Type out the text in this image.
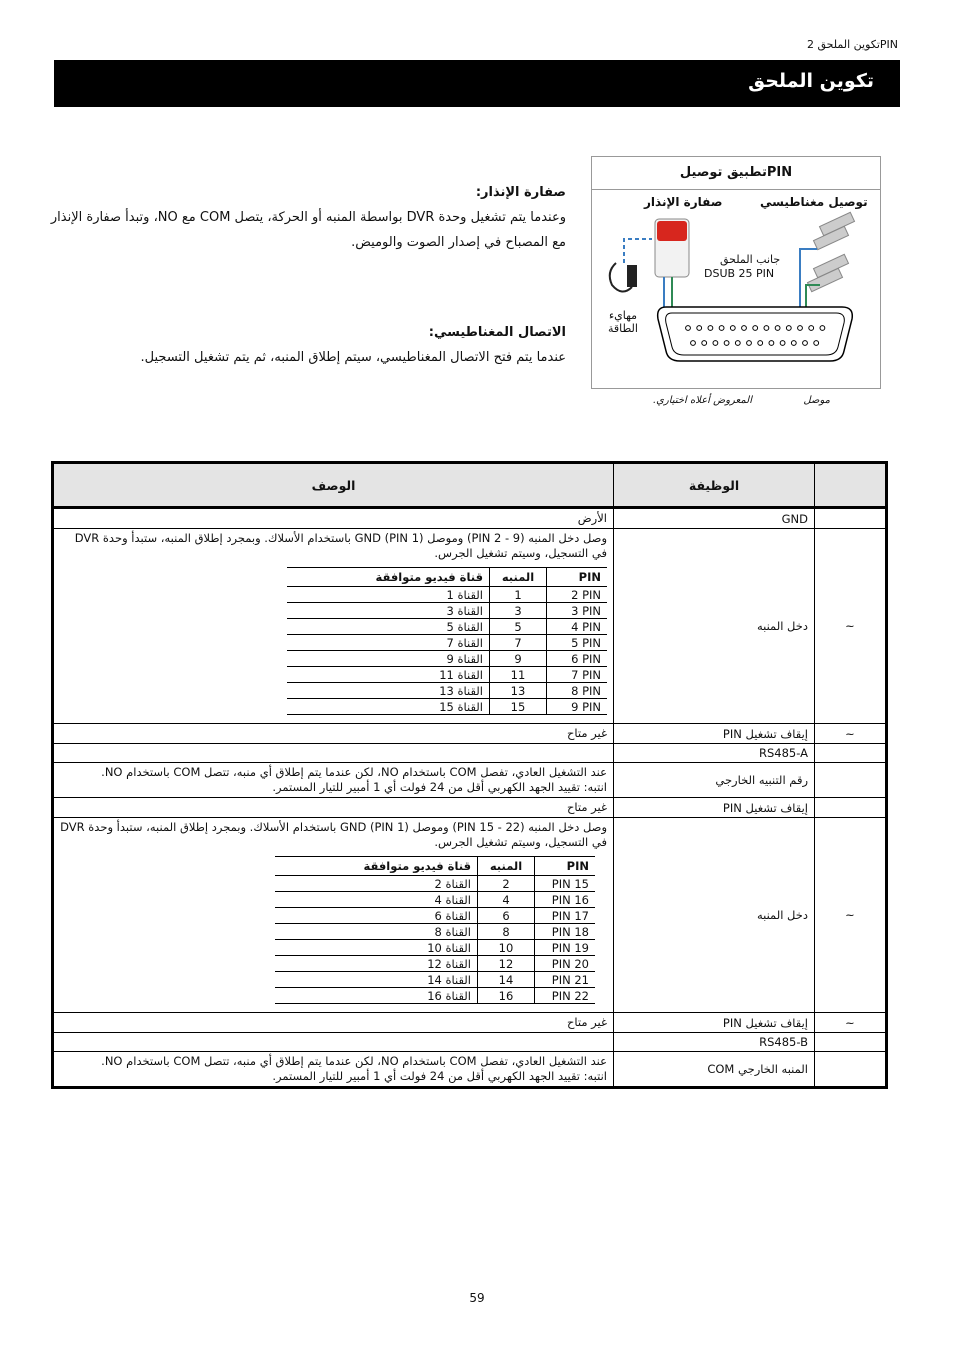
2 تكوين الملحقPIN
تكوين الملحق
صفارة الإنذار:
وعندما يتم تشغيل وحدة DVR بواسطة المنبه أو الحركة، يتصل COM مع NO، وتبدأ صفارة الإنذار
مع المصباح في إصدار الصوت والوميض.
الاتصال المغناطيسي:
عندما يتم فتح الاتصال المغناطيسي، سيتم إطلاق المنبه، ثم يتم تشغيل التسجيل.
تطبيق توصيلPIN
صفارة الإنذار	توصيل مغناطيسي
جانب الملحق
DSUB 25 PIN
مهايء الطاقة
موصل
المعروض أعلاه اختياري.
الوصف	الوظيفة	

الأرض	GND	

وصل دخل المنبه (PIN 2 - 9) وموصل GND (PIN 1) باستخدام الأسلاك. وبمجرد إطلاق المنبه، ستبدأ وحدة DVR في التسجيل، وسيتم تشغيل الجرس.
PIN	المنبه	قناة فيديو متوافقة
2 PIN	1	القناة 1
3 PIN	3	القناة 3
4 PIN	5	القناة 5
5 PIN	7	القناة 7
6 PIN	9	القناة 9
7 PIN	11	القناة 11
8 PIN	13	القناة 13
9 PIN	15	القناة 15
	دخل المنبه	~

غير متاح	إيقاف تشغيل PIN	~

	RS485-A	

عند التشغيل العادي، تفصل COM باستخدام NO، لكن عندما يتم إطلاق أي منبه، تتصل COM باستخدام NO.
انتبه: تقييد الجهد الكهربي أقل من 24 فولت أي 1 أمبير للتيار المستمر.	رقم التنبيه الخارجي	

غير متاح	إيقاف تشغيل PIN	

وصل دخل المنبه (PIN 15 - 22) وموصل GND (PIN 1) باستخدام الأسلاك. وبمجرد إطلاق المنبه، ستبدأ وحدة DVR في التسجيل، وسيتم تشغيل الجرس.
PIN	المنبه	قناة فيديو متوافقة
PIN 15	2	القناة 2
PIN 16	4	القناة 4
PIN 17	6	القناة 6
PIN 18	8	القناة 8
PIN 19	10	القناة 10
PIN 20	12	القناة 12
PIN 21	14	القناة 14
PIN 22	16	القناة 16
	دخل المنبه	~

غير متاح	إيقاف تشغيل PIN	~

	RS485-B	

عند التشغيل العادي، تفصل COM باستخدام NO، لكن عندما يتم إطلاق أي منبه، تتصل COM باستخدام NO.
انتبه: تقييد الجهد الكهربي أقل من 24 فولت أي 1 أمبير للتيار المستمر.	المنبه الخارجي COM	
59
